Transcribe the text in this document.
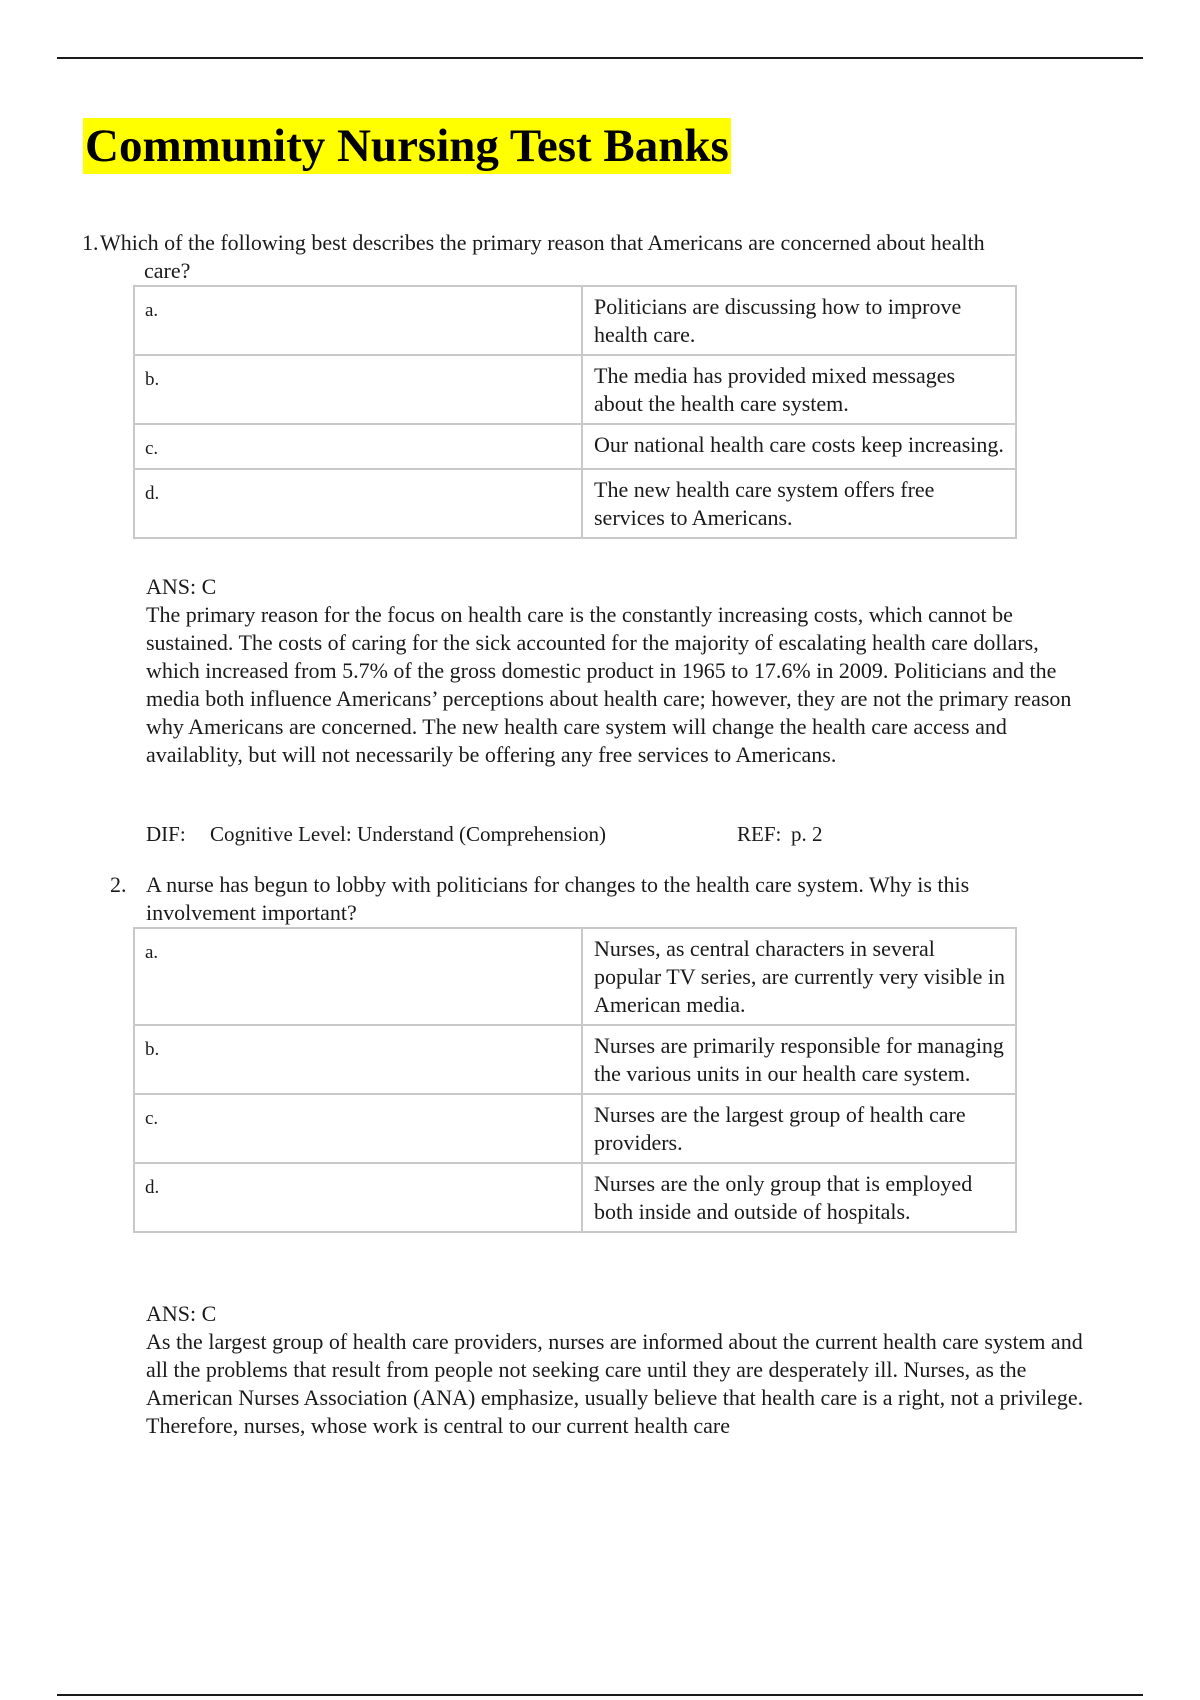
Community Nursing Test Banks
1.Which of the following best describes the primary reason that Americans are concerned about health
care?
a.	Politicians are discussing how to improve health care.
b.	The media has provided mixed messages about the health care system.
c.	Our national health care costs keep increasing.
d.	The new health care system offers free services to Americans.

ANS: C

The primary reason for the focus on health care is the constantly increasing costs, which cannot be sustained. The costs of caring for the sick accounted for the majority of escalating health care dollars, which increased from 5.7% of the gross domestic product in 1965 to 17.6% in 2009. Politicians and the media both influence Americans’ perceptions about health care; however, they are not the primary reason why Americans are concerned. The new health care system will change the health care access and availablity, but will not necessarily be offering any free services to Americans.

DIF: Cognitive Level: Understand (Comprehension)	REF: p. 2
2. A nurse has begun to lobby with politicians for changes to the health care system. Why is this
involvement important?
a.	Nurses, as central characters in several popular TV series, are currently very visible in American media.
b.	Nurses are primarily responsible for managing the various units in our health care system.
c.	Nurses are the largest group of health care providers.
d.	Nurses are the only group that is employed both inside and outside of hospitals.

ANS: C

As the largest group of health care providers, nurses are informed about the current health care system and all the problems that result from people not seeking care until they are desperately ill. Nurses, as the American Nurses Association (ANA) emphasize, usually believe that health care is a right, not a privilege. Therefore, nurses, whose work is central to our current health care
